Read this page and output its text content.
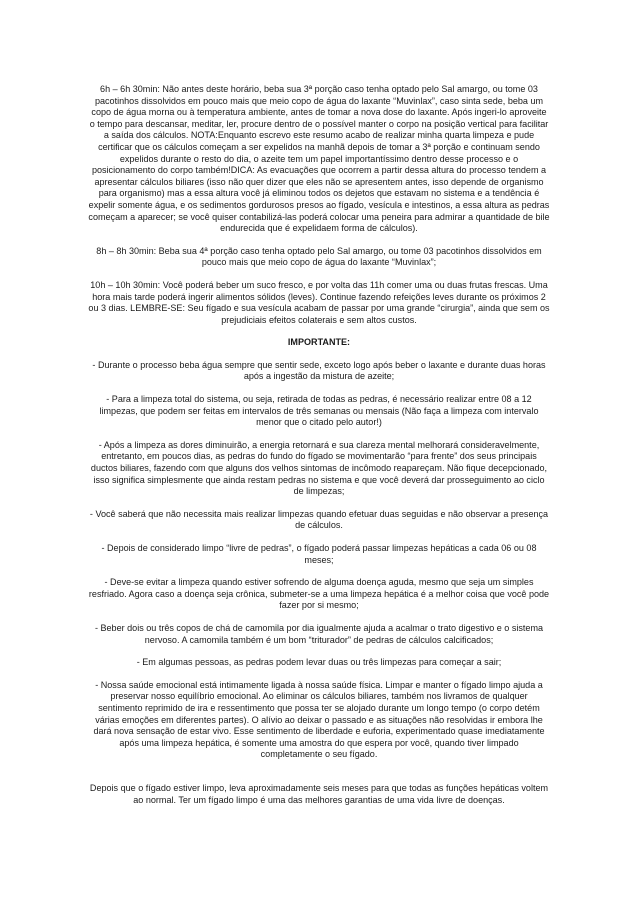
6h – 6h 30min: Não antes deste horário, beba sua 3ª porção caso tenha optado pelo Sal amargo, ou tome 03 pacotinhos dissolvidos em pouco mais que meio copo de água do laxante “Muvinlax”, caso sinta sede, beba um copo de água morna ou à temperatura ambiente, antes de tomar a nova dose do laxante. Após ingeri-lo aproveite o tempo para descansar, meditar, ler, procure dentro de o possível manter o corpo na posição vertical para facilitar a saída dos cálculos. NOTA:Enquanto escrevo este resumo acabo de realizar minha quarta limpeza e pude certificar que os cálculos começam a ser expelidos na manhã depois de tomar a 3ª porção e continuam sendo expelidos durante o resto do dia, o azeite tem um papel importantíssimo dentro desse processo e o posicionamento do corpo também!DICA: As evacuações que ocorrem a partir dessa altura do processo tendem a apresentar cálculos biliares (isso não quer dizer que eles não se apresentem antes, isso depende de organismo para organismo) mas a essa altura você já eliminou todos os dejetos que estavam no sistema e a tendência é expelir somente água, e os sedimentos gordurosos presos ao fígado, vesícula e intestinos, a essa altura as pedras começam a aparecer; se você quiser contabilizá-las poderá colocar uma peneira para admirar a quantidade de bile endurecida que é expelidaem forma de cálculos).

8h – 8h 30min: Beba sua 4ª porção caso tenha optado pelo Sal amargo, ou tome 03 pacotinhos dissolvidos em pouco mais que meio copo de água do laxante “Muvinlax”;

10h – 10h 30min: Você poderá beber um suco fresco, e por volta das 11h comer uma ou duas frutas frescas. Uma hora mais tarde poderá ingerir alimentos sólidos (leves). Continue fazendo refeições leves durante os próximos 2 ou 3 dias. LEMBRE-SE: Seu fígado e sua vesícula acabam de passar por uma grande “cirurgia”, ainda que sem os prejudiciais efeitos colaterais e sem altos custos.

IMPORTANTE:

- Durante o processo beba água sempre que sentir sede, exceto logo após beber o laxante e durante duas horas após a ingestão da mistura de azeite;

- Para a limpeza total do sistema, ou seja, retirada de todas as pedras, é necessário realizar entre 08 a 12 limpezas, que podem ser feitas em intervalos de três semanas ou mensais (Não faça a limpeza com intervalo menor que o citado pelo autor!)

- Após a limpeza as dores diminuirão, a energia retornará e sua clareza mental melhorará consideravelmente, entretanto, em poucos dias, as pedras do fundo do fígado se movimentarão “para frente” dos seus principais ductos biliares, fazendo com que alguns dos velhos sintomas de incômodo reapareçam. Não fique decepcionado, isso significa simplesmente que ainda restam pedras no sistema e que você deverá dar prosseguimento ao ciclo de limpezas;

- Você saberá que não necessita mais realizar limpezas quando efetuar duas seguidas e não observar a presença de cálculos.

- Depois de considerado limpo “livre de pedras”, o fígado poderá passar limpezas hepáticas a cada 06 ou 08 meses;

- Deve-se evitar a limpeza quando estiver sofrendo de alguma doença aguda, mesmo que seja um simples resfriado. Agora caso a doença seja crônica, submeter-se a uma limpeza hepática é a melhor coisa que você pode fazer por si mesmo;

- Beber dois ou três copos de chá de camomila por dia igualmente ajuda a acalmar o trato digestivo e o sistema nervoso. A camomila também é um bom “triturador” de pedras de cálculos calcificados;

- Em algumas pessoas, as pedras podem levar duas ou três limpezas para começar a sair;

- Nossa saúde emocional está intimamente ligada à nossa saúde física. Limpar e manter o fígado limpo ajuda a preservar nosso equilíbrio emocional. Ao eliminar os cálculos biliares, também nos livramos de qualquer sentimento reprimido de ira e ressentimento que possa ter se alojado durante um longo tempo (o corpo detém várias emoções em diferentes partes). O alívio ao deixar o passado e as situações não resolvidas ir embora lhe dará nova sensação de estar vivo. Esse sentimento de liberdade e euforia, experimentado quase imediatamente após uma limpeza hepática, é somente uma amostra do que espera por você, quando tiver limpado completamente o seu fígado.

Depois que o fígado estiver limpo, leva aproximadamente seis meses para que todas as funções hepáticas voltem ao normal. Ter um fígado limpo é uma das melhores garantias de uma vida livre de doenças.
